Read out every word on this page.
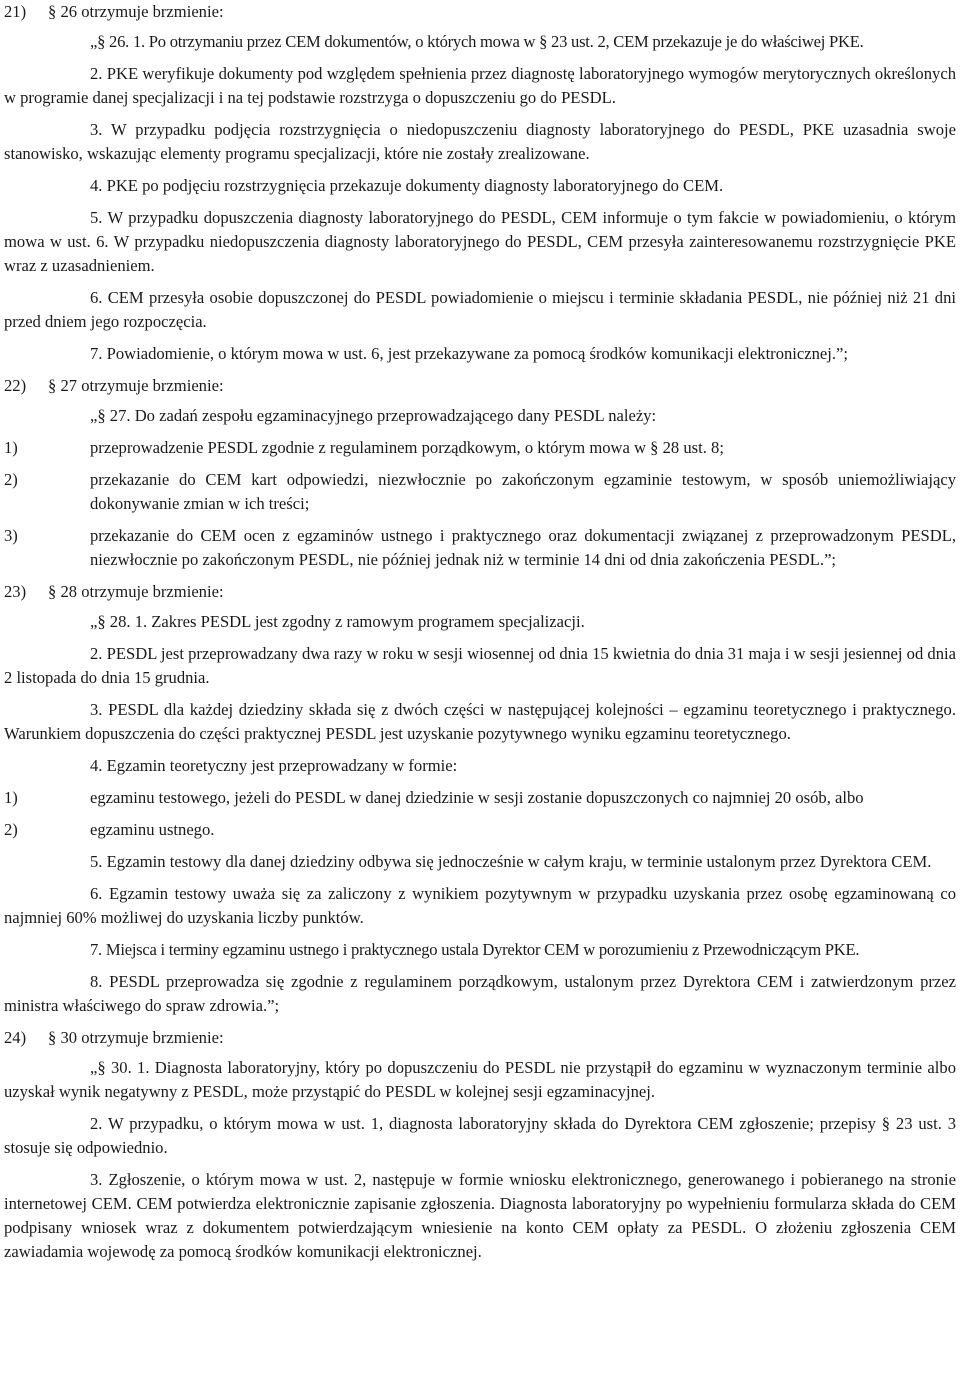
21) § 26 otrzymuje brzmienie:
„§ 26. 1. Po otrzymaniu przez CEM dokumentów, o których mowa w § 23 ust. 2, CEM przekazuje je do właściwej PKE.
2. PKE weryfikuje dokumenty pod względem spełnienia przez diagnostę laboratoryjnego wymogów merytorycznych określonych w programie danej specjalizacji i na tej podstawie rozstrzyga o dopuszczeniu go do PESDL.
3. W przypadku podjęcia rozstrzygnięcia o niedopuszczeniu diagnosty laboratoryjnego do PESDL, PKE uzasadnia swoje stanowisko, wskazując elementy programu specjalizacji, które nie zostały zrealizowane.
4. PKE po podjęciu rozstrzygnięcia przekazuje dokumenty diagnosty laboratoryjnego do CEM.
5. W przypadku dopuszczenia diagnosty laboratoryjnego do PESDL, CEM informuje o tym fakcie w powiadomieniu, o którym mowa w ust. 6. W przypadku niedopuszczenia diagnosty laboratoryjnego do PESDL, CEM przesyła zainteresowanemu rozstrzygnięcie PKE wraz z uzasadnieniem.
6. CEM przesyła osobie dopuszczonej do PESDL powiadomienie o miejscu i terminie składania PESDL, nie później niż 21 dni przed dniem jego rozpoczęcia.
7. Powiadomienie, o którym mowa w ust. 6, jest przekazywane za pomocą środków komunikacji elektronicznej.”;
22) § 27 otrzymuje brzmienie:
„§ 27. Do zadań zespołu egzaminacyjnego przeprowadzającego dany PESDL należy:
1)	przeprowadzenie PESDL zgodnie z regulaminem porządkowym, o którym mowa w § 28 ust. 8;
2)	przekazanie do CEM kart odpowiedzi, niezwłocznie po zakończonym egzaminie testowym, w sposób uniemożliwiający dokonywanie zmian w ich treści;
3)	przekazanie do CEM ocen z egzaminów ustnego i praktycznego oraz dokumentacji związanej z przeprowadzonym PESDL, niezwłocznie po zakończonym PESDL, nie później jednak niż w terminie 14 dni od dnia zakończenia PESDL.”;
23) § 28 otrzymuje brzmienie:
„§ 28. 1. Zakres PESDL jest zgodny z ramowym programem specjalizacji.
2. PESDL jest przeprowadzany dwa razy w roku w sesji wiosennej od dnia 15 kwietnia do dnia 31 maja i w sesji jesiennej od dnia 2 listopada do dnia 15 grudnia.
3. PESDL dla każdej dziedziny składa się z dwóch części w następującej kolejności – egzaminu teoretycznego i praktycznego. Warunkiem dopuszczenia do części praktycznej PESDL jest uzyskanie pozytywnego wyniku egzaminu teoretycznego.
4. Egzamin teoretyczny jest przeprowadzany w formie:
1)	egzaminu testowego, jeżeli do PESDL w danej dziedzinie w sesji zostanie dopuszczonych co najmniej 20 osób, albo
2)	egzaminu ustnego.
5. Egzamin testowy dla danej dziedziny odbywa się jednocześnie w całym kraju, w terminie ustalonym przez Dyrektora CEM.
6. Egzamin testowy uważa się za zaliczony z wynikiem pozytywnym w przypadku uzyskania przez osobę egzaminowaną co najmniej 60% możliwej do uzyskania liczby punktów.
7. Miejsca i terminy egzaminu ustnego i praktycznego ustala Dyrektor CEM w porozumieniu z Przewodniczącym PKE.
8. PESDL przeprowadza się zgodnie z regulaminem porządkowym, ustalonym przez Dyrektora CEM i zatwierdzonym przez ministra właściwego do spraw zdrowia.”;
24) § 30 otrzymuje brzmienie:
„§ 30. 1. Diagnosta laboratoryjny, który po dopuszczeniu do PESDL nie przystąpił do egzaminu w wyznaczonym terminie albo uzyskał wynik negatywny z PESDL, może przystąpić do PESDL w kolejnej sesji egzaminacyjnej.
2. W przypadku, o którym mowa w ust. 1, diagnosta laboratoryjny składa do Dyrektora CEM zgłoszenie; przepisy § 23 ust. 3 stosuje się odpowiednio.
3. Zgłoszenie, o którym mowa w ust. 2, następuje w formie wniosku elektronicznego, generowanego i pobieranego na stronie internetowej CEM. CEM potwierdza elektronicznie zapisanie zgłoszenia. Diagnosta laboratoryjny po wypełnieniu formularza składa do CEM podpisany wniosek wraz z dokumentem potwierdzającym wniesienie na konto CEM opłaty za PESDL. O złożeniu zgłoszenia CEM zawiadamia wojewodę za pomocą środków komunikacji elektronicznej.
